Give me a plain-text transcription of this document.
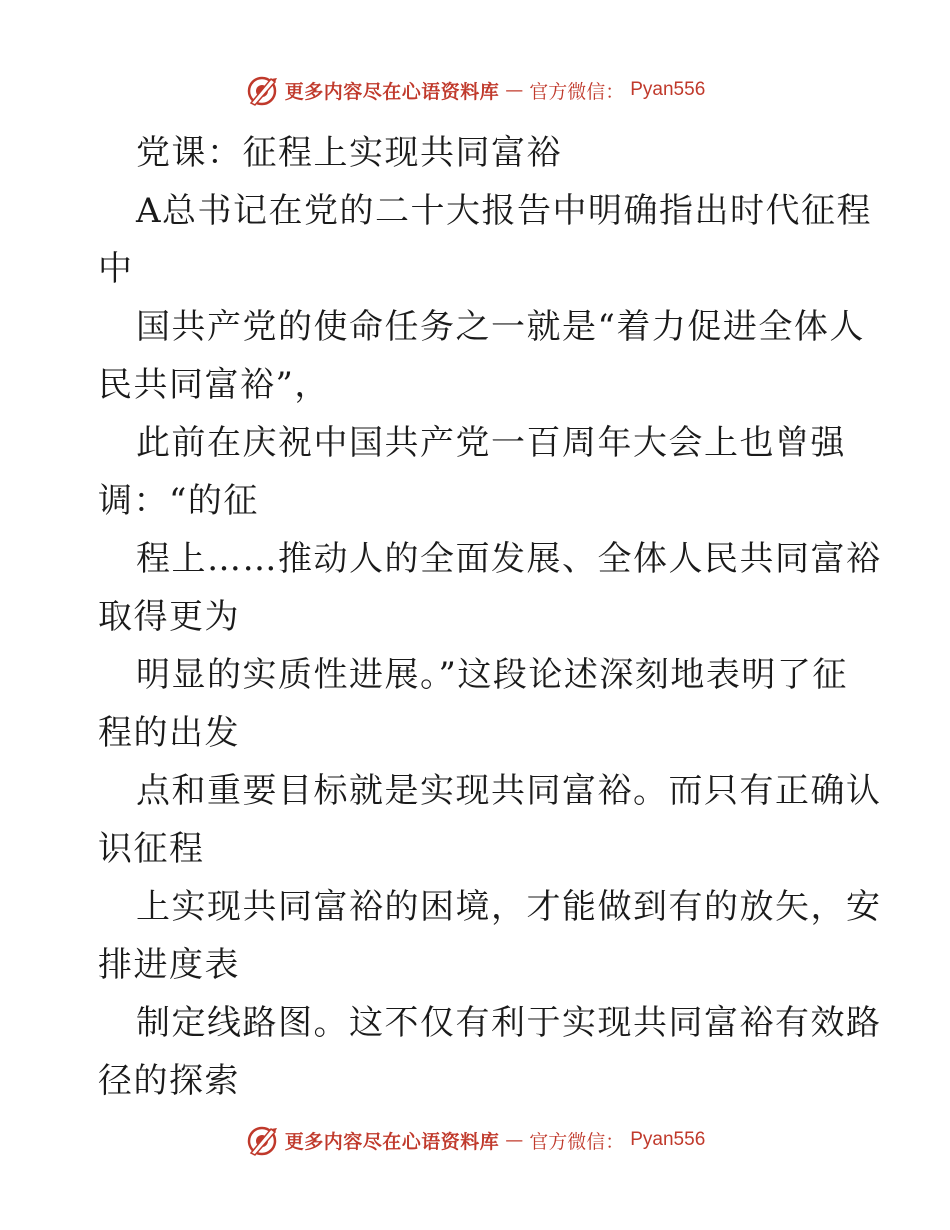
更多内容尽在心语资料库 — 官方微信： Pyan556
党课：征程上实现共同富裕
A总书记在党的二十大报告中明确指出时代征程
中
国共产党的使命任务之一就是“着力促进全体人
民共同富裕”，
此前在庆祝中国共产党一百周年大会上也曾强
调：“的征
程上……推动人的全面发展、全体人民共同富裕
取得更为
明显的实质性进展。”这段论述深刻地表明了征
程的出发
点和重要目标就是实现共同富裕。而只有正确认
识征程
上实现共同富裕的困境，才能做到有的放矢，安
排进度表
制定线路图。这不仅有利于实现共同富裕有效路
径的探索
更多内容尽在心语资料库 — 官方微信： Pyan556
